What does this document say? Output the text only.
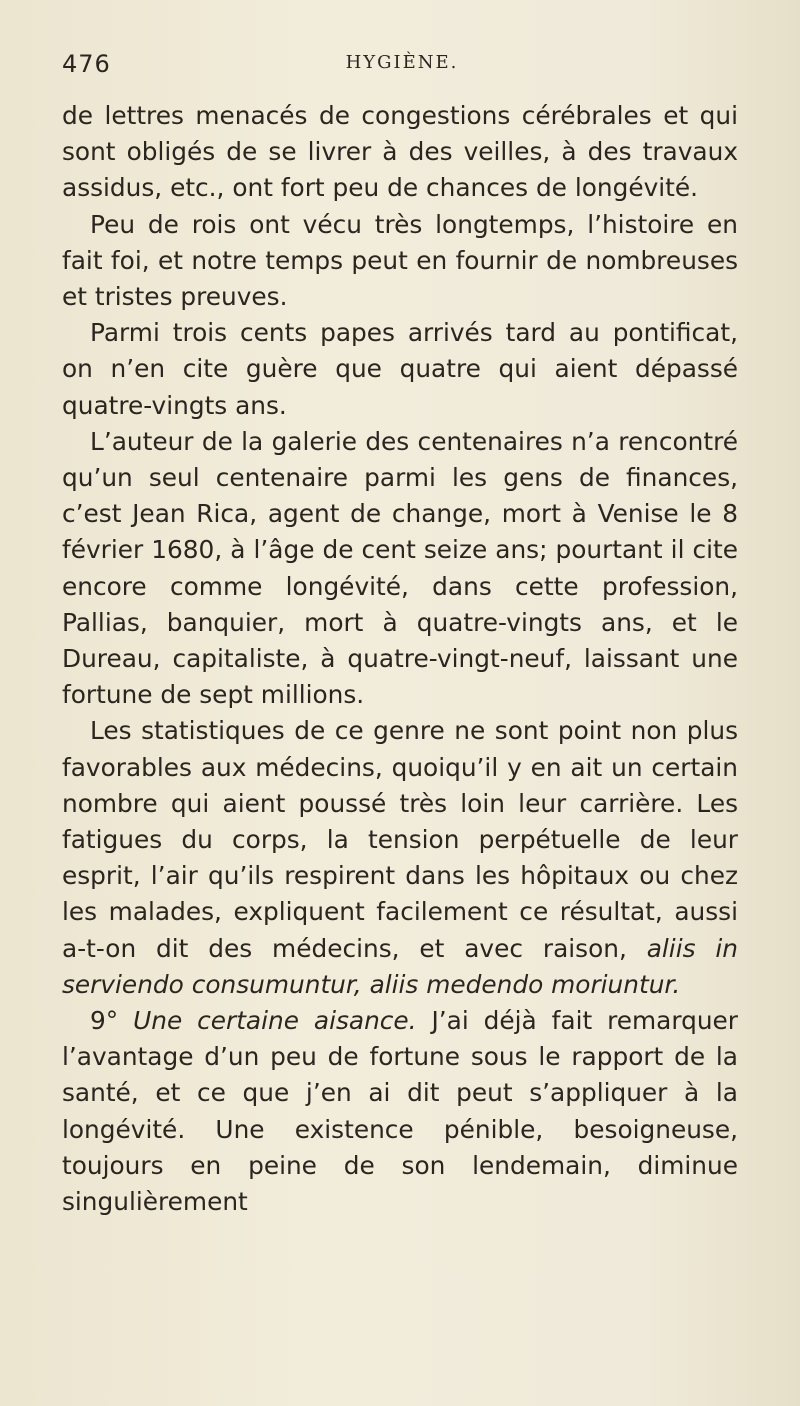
476	HYGIÈNE.

de lettres menacés de congestions cérébrales et qui sont obligés de se livrer à des veilles, à des travaux assidus, etc., ont fort peu de chances de longévité.

Peu de rois ont vécu très longtemps, l’histoire en fait foi, et notre temps peut en fournir de nombreuses et tristes preuves.

Parmi trois cents papes arrivés tard au pontificat, on n’en cite guère que quatre qui aient dépassé quatre-vingts ans.

L’auteur de la galerie des centenaires n’a rencontré qu’un seul centenaire parmi les gens de finances, c’est Jean Rica, agent de change, mort à Venise le 8 février 1680, à l’âge de cent seize ans; pourtant il cite encore comme longévité, dans cette profession, Pallias, banquier, mort à quatre-vingts ans, et le Dureau, capitaliste, à quatre-vingt-neuf, laissant une fortune de sept millions.

Les statistiques de ce genre ne sont point non plus favorables aux médecins, quoiqu’il y en ait un certain nombre qui aient poussé très loin leur carrière. Les fatigues du corps, la tension perpétuelle de leur esprit, l’air qu’ils respirent dans les hôpitaux ou chez les malades, expliquent facilement ce résultat, aussi a-t-on dit des médecins, et avec raison, aliis in serviendo consumuntur, aliis medendo moriuntur.

9° Une certaine aisance. J’ai déjà fait remarquer l’avantage d’un peu de fortune sous le rapport de la santé, et ce que j’en ai dit peut s’appliquer à la longévité. Une existence pénible, besoigneuse, toujours en peine de son lendemain, diminue singulièrement
